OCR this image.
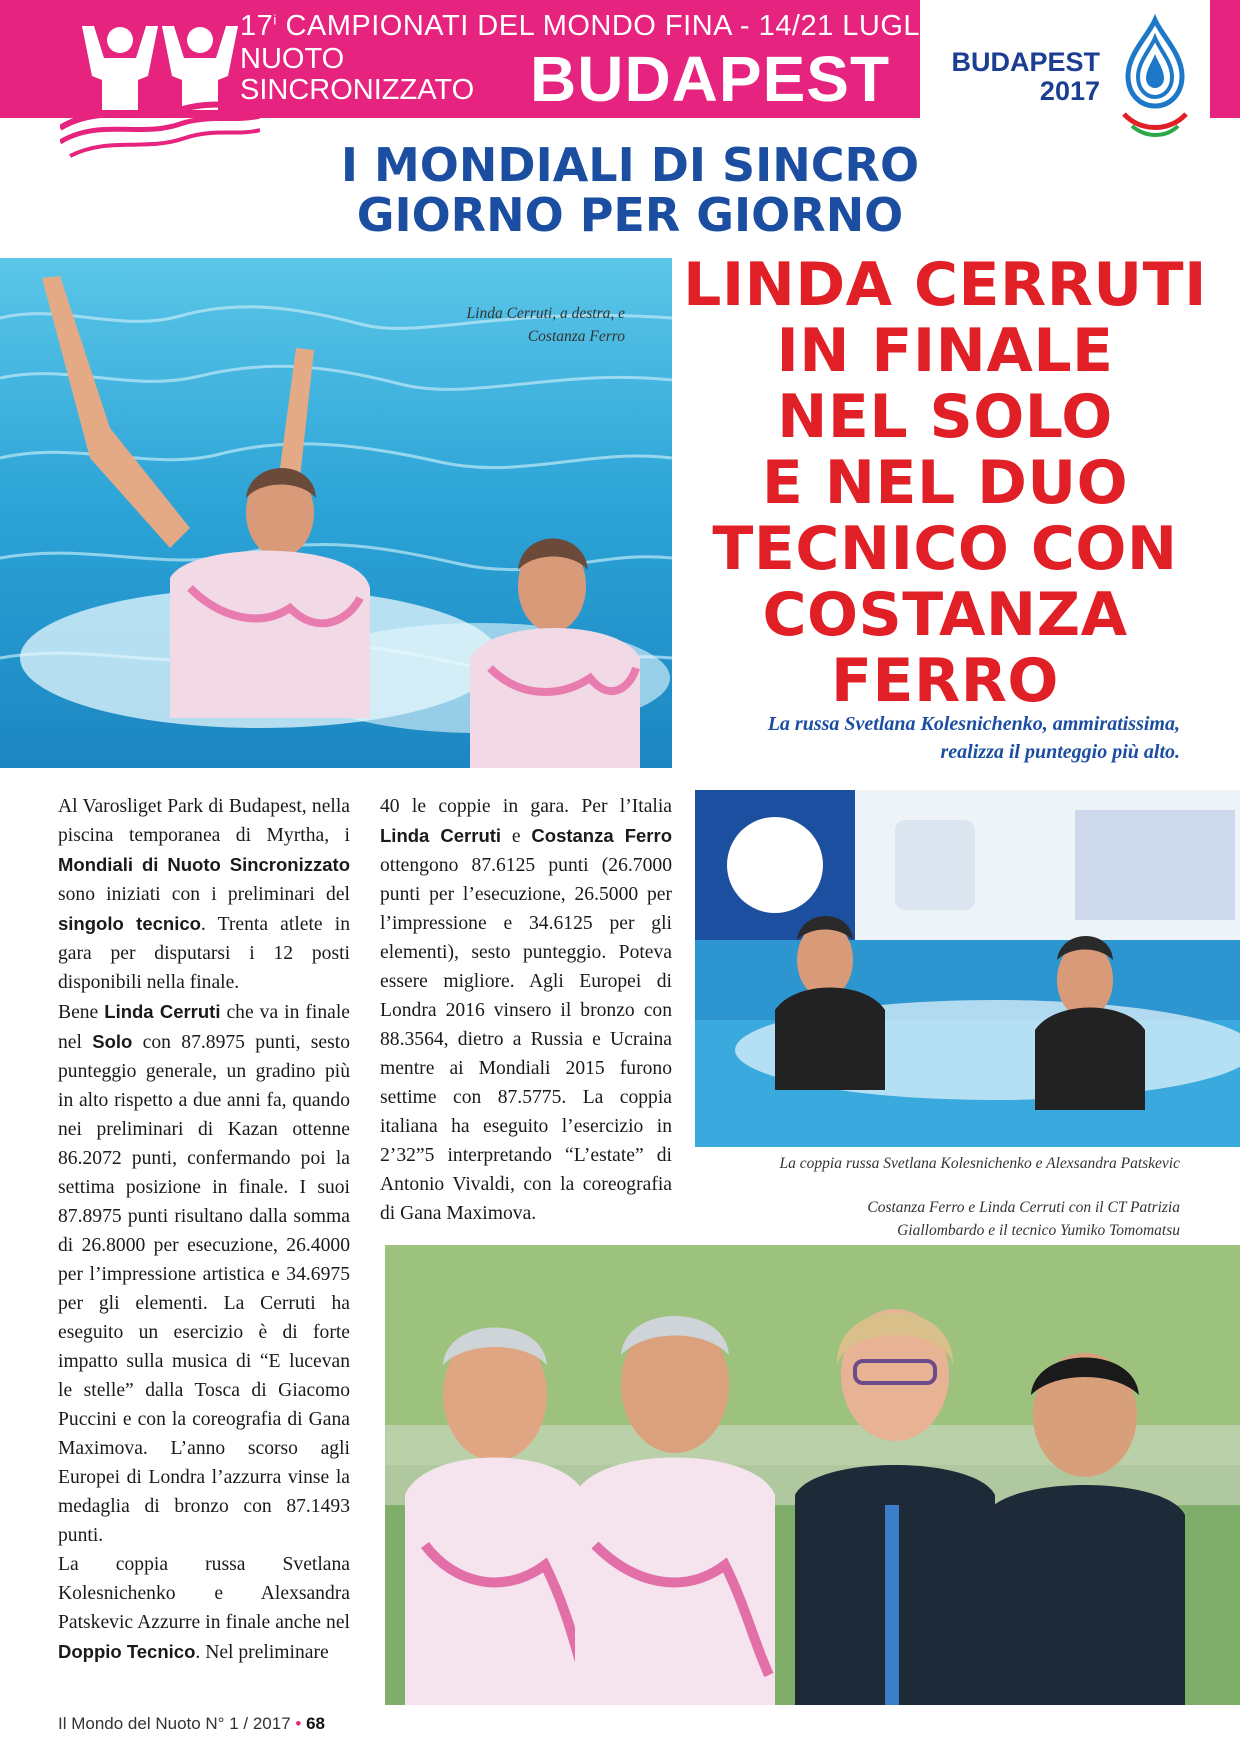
17$^i$ CAMPIONATI DEL MONDO FINA - 14/21 LUGLIO 2017
NUOTO
SINCRONIZZATO BUDAPEST	BUDAPEST
2017
I MONDIALI DI SINCRO
GIORNO PER GIORNO
Linda Cerruti, a destra, e
Costanza Ferro
LINDA CERRUTI
IN FINALE
NEL SOLO
E NEL DUO
TECNICO CON
COSTANZA
FERRO
La russa Svetlana Kolesnichenko, ammiratissima,
realizza il punteggio più alto.
La coppia russa Svetlana Kolesnichenko e Alexsandra Patskevic
Costanza Ferro e Linda Cerruti con il CT Patrizia
Giallombardo e il tecnico Yumiko Tomomatsu

Al Varosliget Park di Budapest, nella piscina temporanea di Myrtha, i Mondiali di Nuoto Sincronizzato sono iniziati con i preliminari del singolo tecnico. Trenta atlete in gara per disputarsi i 12 posti disponibili nella finale.

Bene Linda Cerruti che va in finale nel Solo con 87.8975 punti, sesto punteggio generale, un gradino più in alto rispetto a due anni fa, quando nei preliminari di Kazan ottenne 86.2072 punti, confermando poi la settima posizione in finale. I suoi 87.8975 punti risultano dalla somma di 26.8000 per esecuzione, 26.4000 per l’impressione artistica e 34.6975 per gli elementi. La Cerruti ha eseguito un esercizio è di forte impatto sulla musica di “E lucevan le stelle” dalla Tosca di Giacomo Puccini e con la coreografia di Gana Maximova. L’anno scorso agli Europei di Londra l’azzurra vinse la medaglia di bronzo con 87.1493 punti.

La coppia russa Svetlana Kolesnichenko e Alexsandra Patskevic Azzurre in finale anche nel Doppio Tecnico. Nel preliminare

40 le coppie in gara. Per l’Italia Linda Cerruti e Costanza Ferro ottengono 87.6125 punti (26.7000 punti per l’esecuzione, 26.5000 per l’impressione e 34.6125 per gli elementi), sesto punteggio. Poteva essere migliore. Agli Europei di Londra 2016 vinsero il bronzo con 88.3564, dietro a Russia e Ucraina mentre ai Mondiali 2015 furono settime con 87.5775. La coppia italiana ha eseguito l’esercizio in 2’32”5 interpretando “L’estate” di Antonio Vivaldi, con la coreografia di Gana Maximova.

Il Mondo del Nuoto N° 1 / 2017 • 68
